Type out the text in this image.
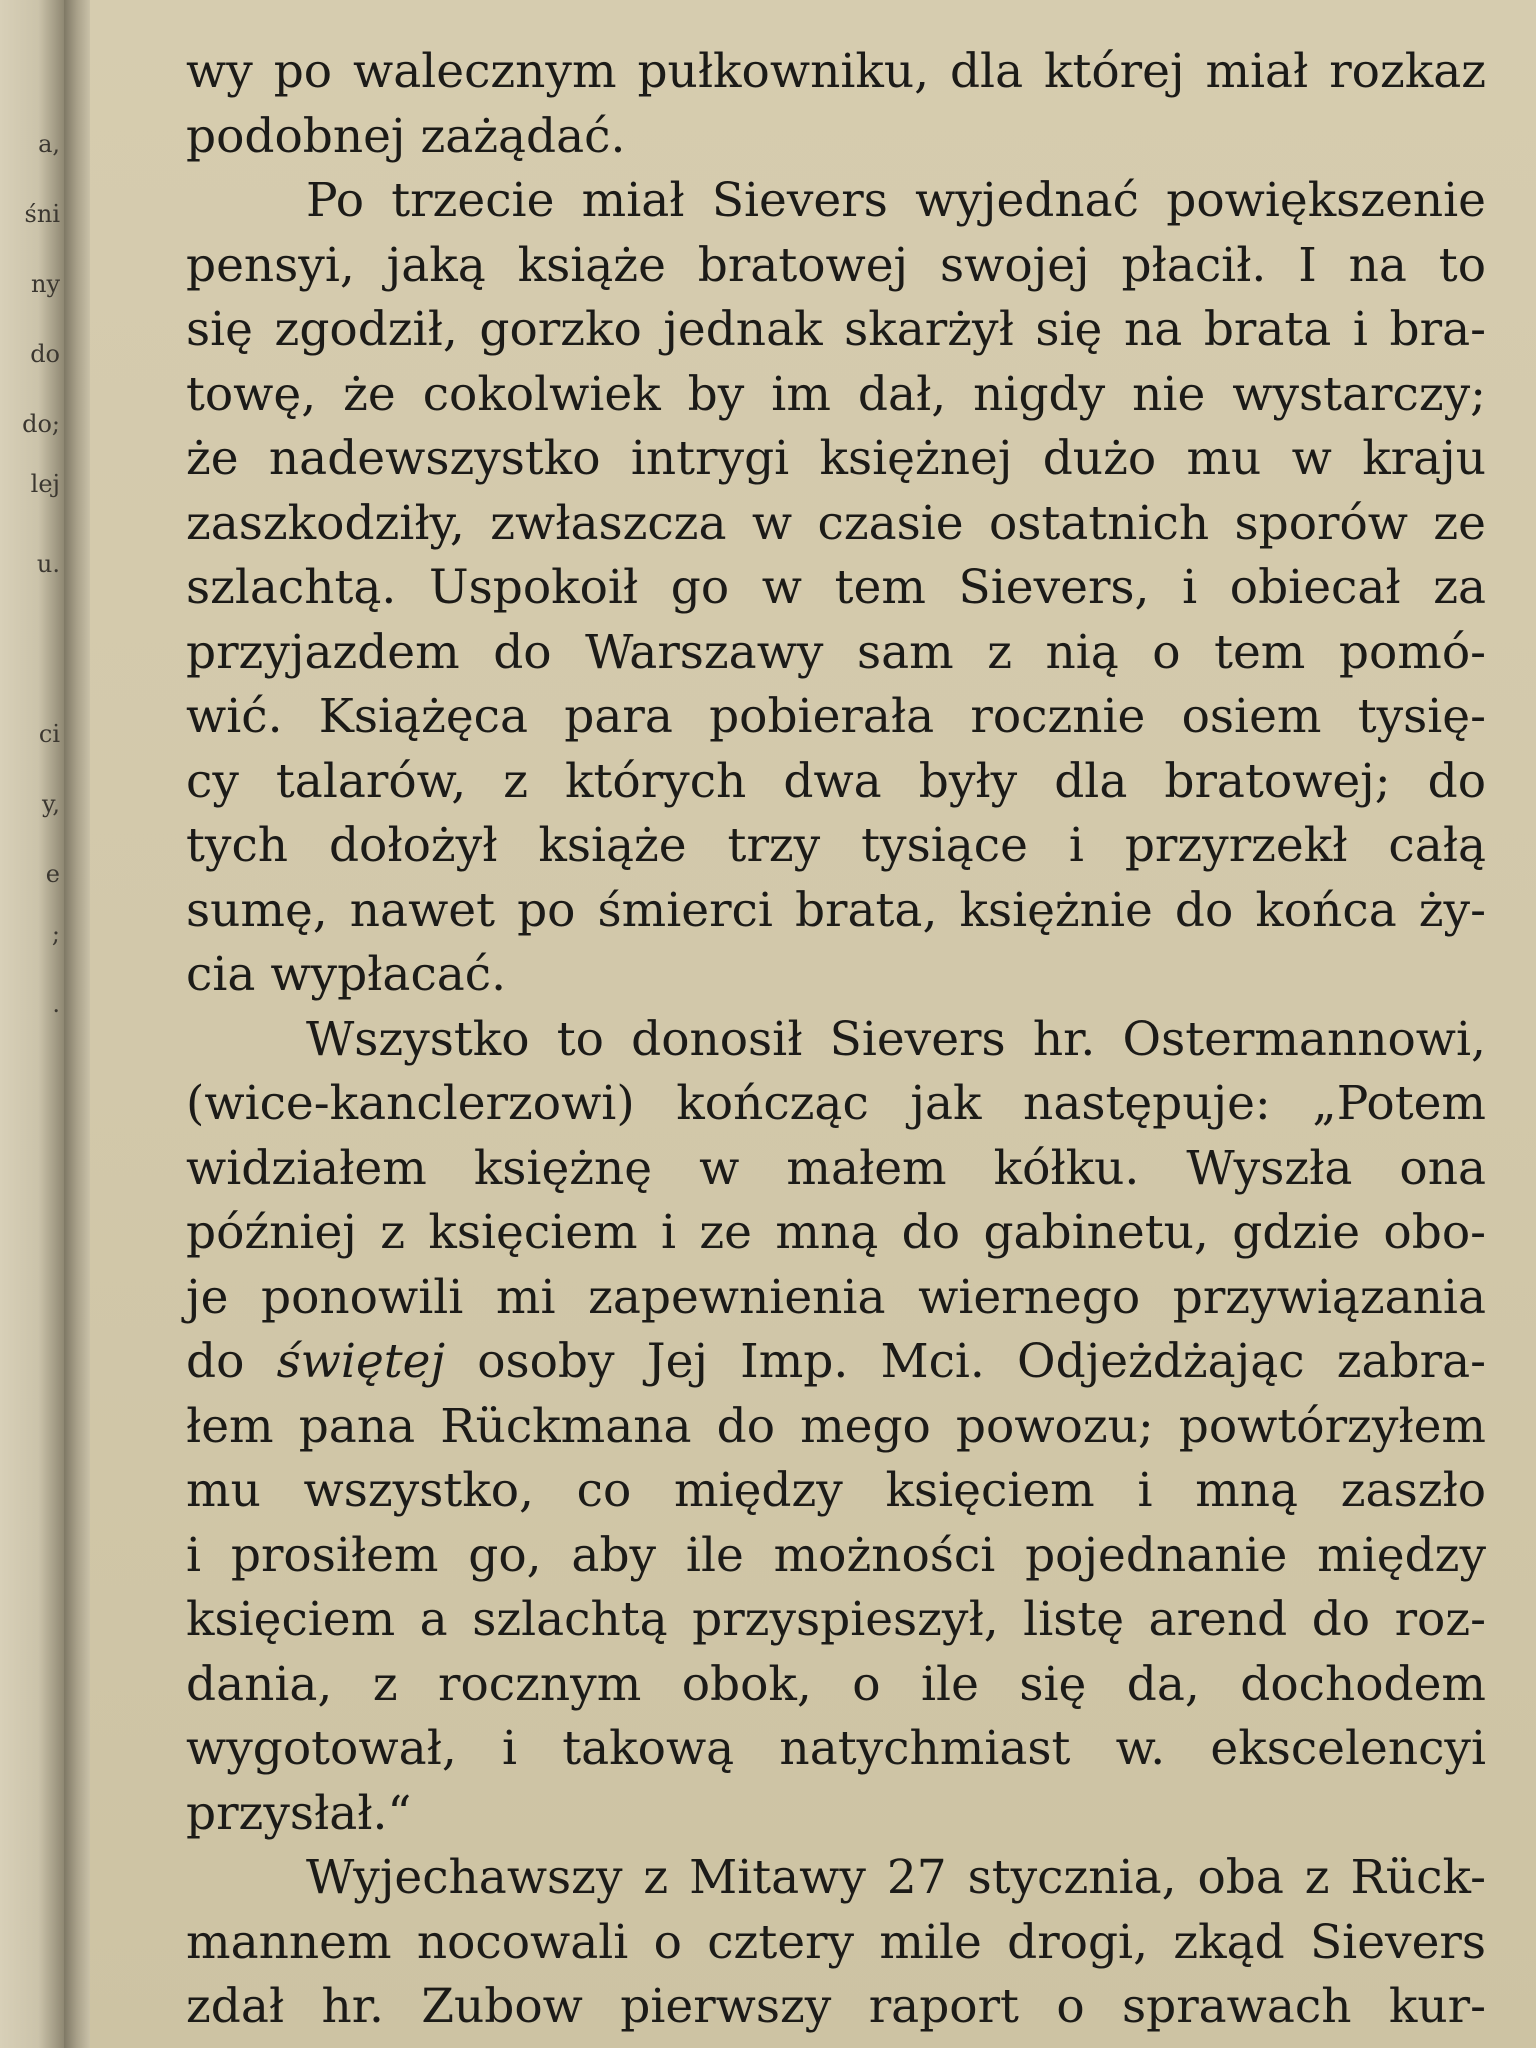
a,
śni
ny
do
do;
lej
u.
ci
y,
e
;
.
wy po walecznym pułkowniku, dla której miał rozkaz
podobnej zażądać.
Po trzecie miał Sievers wyjednać powiększenie
pensyi, jaką książe bratowej swojej płacił. I na to
się zgodził, gorzko jednak skarżył się na brata i bra-
towę, że cokolwiek by im dał, nigdy nie wystarczy;
że nadewszystko intrygi księżnej dużo mu w kraju
zaszkodziły, zwłaszcza w czasie ostatnich sporów ze
szlachtą. Uspokoił go w tem Sievers, i obiecał za
przyjazdem do Warszawy sam z nią o tem pomó-
wić. Książęca para pobierała rocznie osiem tysię-
cy talarów, z których dwa były dla bratowej; do
tych dołożył książe trzy tysiące i przyrzekł całą
sumę, nawet po śmierci brata, księżnie do końca ży-
cia wypłacać.
Wszystko to donosił Sievers hr. Ostermannowi,
(wice-kanclerzowi) kończąc jak następuje: „Potem
widziałem księżnę w małem kółku. Wyszła ona
później z księciem i ze mną do gabinetu, gdzie obo-
je ponowili mi zapewnienia wiernego przywiązania
do świętej osoby Jej Imp. Mci. Odjeżdżając zabra-
łem pana Rückmana do mego powozu; powtórzyłem
mu wszystko, co między księciem i mną zaszło
i prosiłem go, aby ile możności pojednanie między
księciem a szlachtą przyspieszył, listę arend do roz-
dania, z rocznym obok, o ile się da, dochodem
wygotował, i takową natychmiast w. ekscelencyi
przysłał.“
Wyjechawszy z Mitawy 27 stycznia, oba z Rück-
mannem nocowali o cztery mile drogi, zkąd Sievers
zdał hr. Zubow pierwszy raport o sprawach kur-
